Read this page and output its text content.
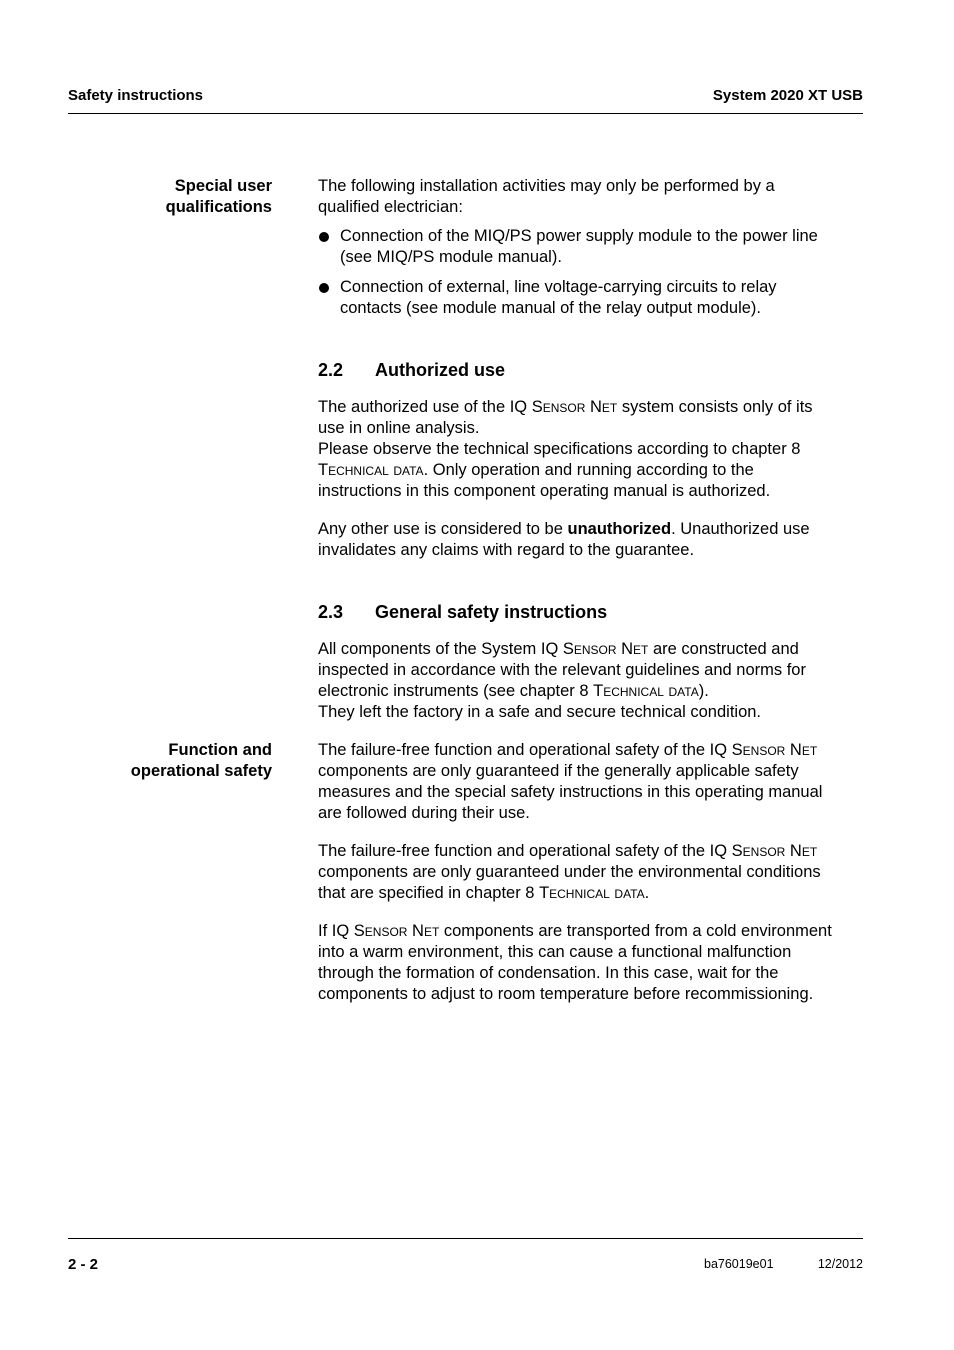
Safety instructions	System 2020 XT USB
Special user
qualifications

The following installation activities may only be performed by a

qualified electrician:

Connection of the MIQ/PS power supply module to the power line
(see MIQ/PS module manual).
Connection of external, line voltage-carrying circuits to relay
contacts (see module manual of the relay output module).
2.2 Authorized use

The authorized use of the IQ Sensor Net system consists only of its

use in online analysis.

Please observe the technical specifications according to chapter 8

Technical data. Only operation and running according to the

instructions in this component operating manual is authorized.

Any other use is considered to be unauthorized. Unauthorized use

invalidates any claims with regard to the guarantee.

2.3 General safety instructions

All components of the System IQ Sensor Net are constructed and

inspected in accordance with the relevant guidelines and norms for

electronic instruments (see chapter 8 Technical data).

They left the factory in a safe and secure technical condition.

Function and
operational safety

The failure-free function and operational safety of the IQ Sensor Net

components are only guaranteed if the generally applicable safety

measures and the special safety instructions in this operating manual

are followed during their use.

The failure-free function and operational safety of the IQ Sensor Net

components are only guaranteed under the environmental conditions

that are specified in chapter 8 Technical data.

If IQ Sensor Net components are transported from a cold environment

into a warm environment, this can cause a functional malfunction

through the formation of condensation. In this case, wait for the

components to adjust to room temperature before recommissioning.

2 - 2	ba76019e01	12/2012
